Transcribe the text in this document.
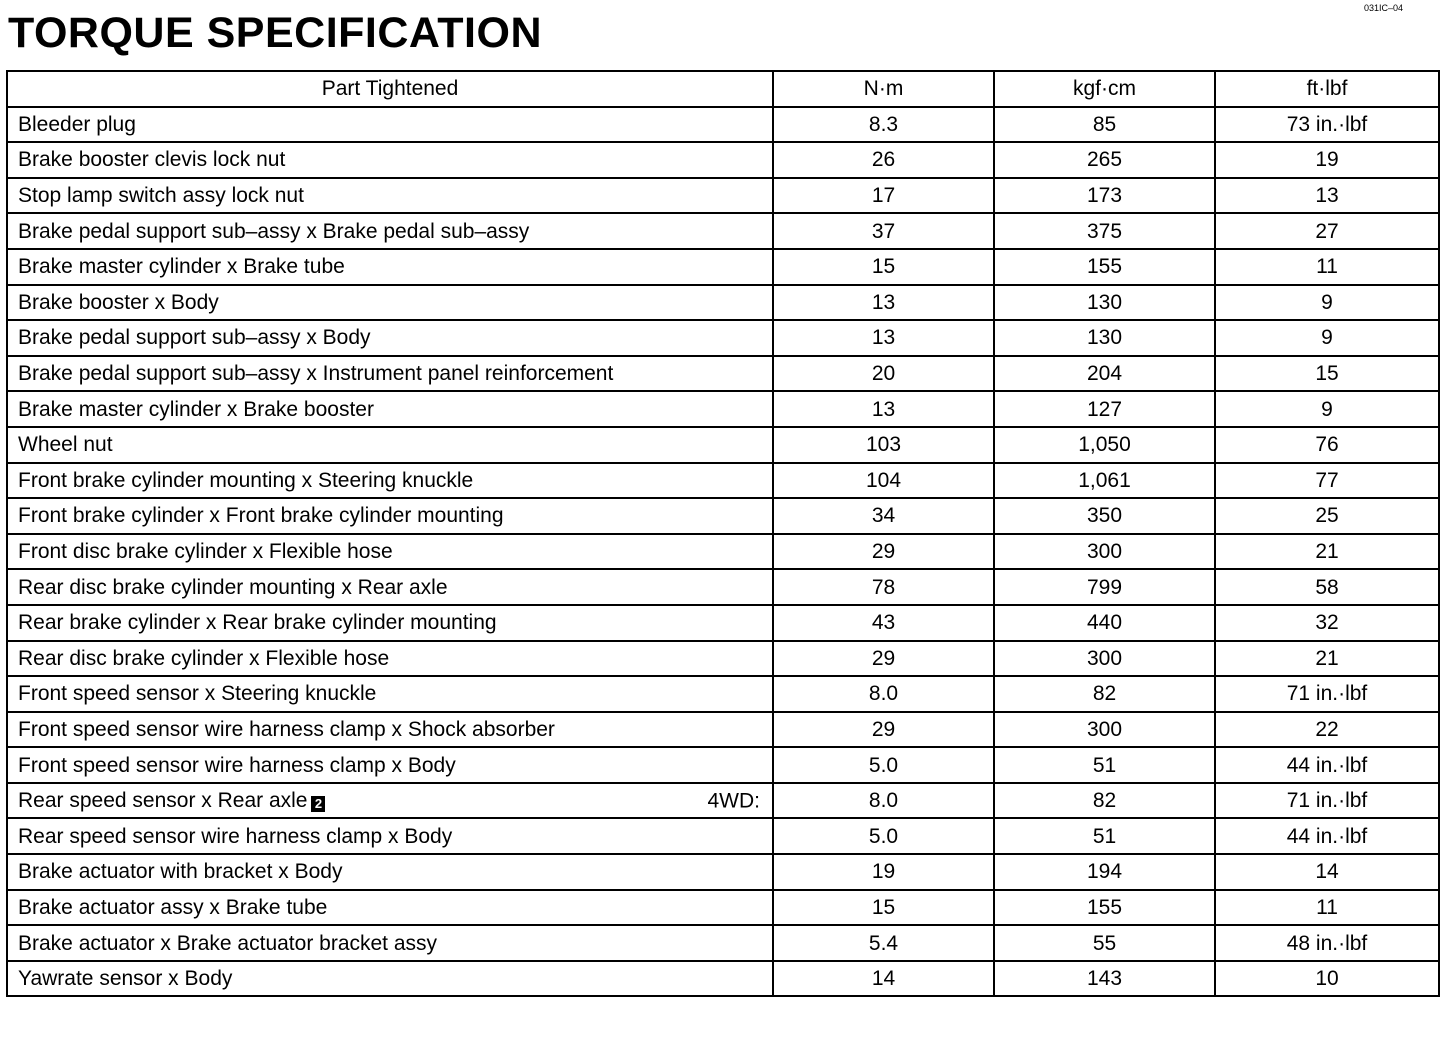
TORQUE SPECIFICATION
031IC–04
Part Tightened	N·m	kgf·cm	ft·lbf
Bleeder plug	8.3	85	73 in.·lbf
Brake booster clevis lock nut	26	265	19
Stop lamp switch assy lock nut	17	173	13
Brake pedal support sub–assy x Brake pedal sub–assy	37	375	27
Brake master cylinder x Brake tube	15	155	11
Brake booster x Body	13	130	9
Brake pedal support sub–assy x Body	13	130	9
Brake pedal support sub–assy x Instrument panel reinforcement	20	204	15
Brake master cylinder x Brake booster	13	127	9
Wheel nut	103	1,050	76
Front brake cylinder mounting x Steering knuckle	104	1,061	77
Front brake cylinder x Front brake cylinder mounting	34	350	25
Front disc brake cylinder x Flexible hose	29	300	21
Rear disc brake cylinder mounting x Rear axle	78	799	58
Rear brake cylinder x Rear brake cylinder mounting	43	440	32
Rear disc brake cylinder x Flexible hose	29	300	21
Front speed sensor x Steering knuckle	8.0	82	71 in.·lbf
Front speed sensor wire harness clamp x Shock absorber	29	300	22
Front speed sensor wire harness clamp x Body	5.0	51	44 in.·lbf
Rear speed sensor x Rear axle 2 4WD:	8.0	82	71 in.·lbf
Rear speed sensor wire harness clamp x Body	5.0	51	44 in.·lbf
Brake actuator with bracket x Body	19	194	14
Brake actuator assy x Brake tube	15	155	11
Brake actuator x Brake actuator bracket assy	5.4	55	48 in.·lbf
Yawrate sensor x Body	14	143	10
